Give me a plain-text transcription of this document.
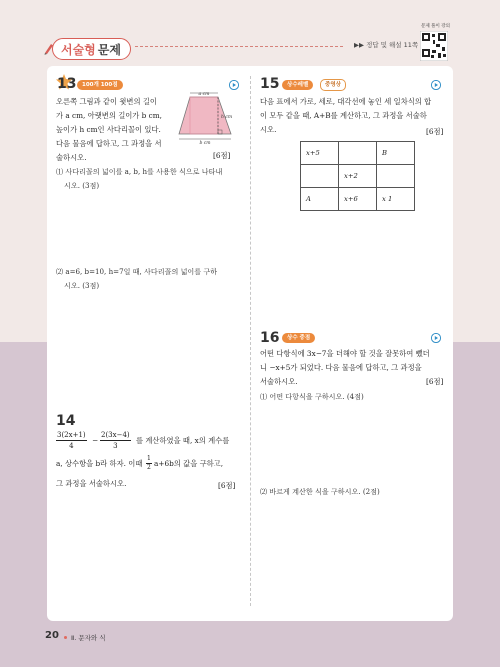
서술형 문제	▶▶ 정답 및 해설 11쪽
문제 풀이 강의
13	100개 100점
오른쪽 그림과 같이 윗변의 길이
가 a cm, 아랫변의 길이가 b cm,
높이가 h cm인 사다리꼴이 있다.
다음 물음에 답하고, 그 과정을 서
술하시오.	[6점]
a cm
h cm
b cm
⑴ 사다리꼴의 넓이를 a, b, h를 사용한 식으로 나타내
시오. (3점)
⑵ a=6, b=10, h=7일 때, 사다리꼴의 넓이를 구하
시오. (3점)
14
$\frac{3(2x+1)}{4} - \frac{2(3x-4)}{3}$ 를 계산하였을 때, x의 계수를
a, 상수항을 b라 하자. 이때 $\frac{1}{2} a+6b$의 값을 구하고,
그 과정을 서술하시오.	[6점]
15	상수레벨	중영상
다음 표에서 가로, 세로, 대각선에 놓인 세 일차식의 합
이 모두 같을 때, A+B를 계산하고, 그 과정을 서술하
시오.	[6점]
x+5		B
	x+2	
A	x+6	x 1
16	상수 중점
어떤 다항식에 3x−7을 더해야 할 것을 잘못하여 뺐더
니 −x+5가 되었다. 다음 물음에 답하고, 그 과정을
서술하시오.	[6점]
⑴ 어떤 다항식을 구하시오. (4점)
⑵ 바르게 계산한 식을 구하시오. (2점)
20 Ⅱ. 문자와 식
